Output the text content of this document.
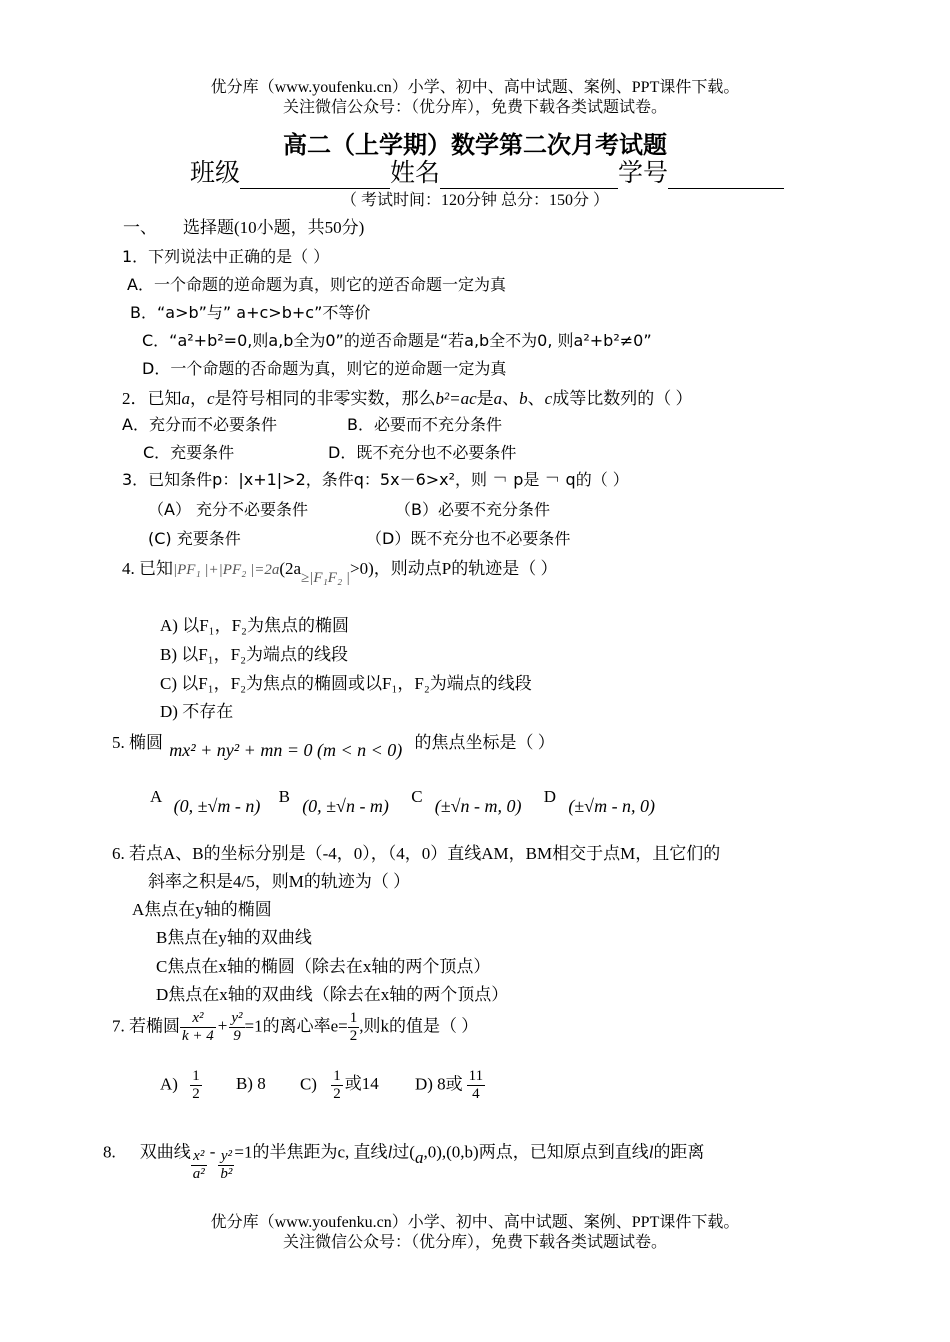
优分库（www.youfenku.cn）小学、初中、高中试题、案例、PPT课件下载。
关注微信公众号：（优分库），免费下载各类试题试卷。
高二（上学期）数学第二次月考试题
班级	姓名	学号
（ 考试时间：120分钟 总分：150分 ）
一、 选择题(10小题，共50分)
1．下列说法中正确的是（ ）
A．一个命题的逆命题为真，则它的逆否命题一定为真
B．“a>b”与” a+c>b+c”不等价
C．“a²+b²=0,则a,b全为0”的逆否命题是“若a,b全不为0, 则a²+b²≠0”
D．一个命题的否命题为真，则它的逆命题一定为真
2．已知a，c是符号相同的非零实数，那么b²=ac是a、b、c成等比数列的（ ）
A．充分而不必要条件	B．必要而不充分条件
C．充要条件	D．既不充分也不必要条件
3．已知条件p：|x+1|>2，条件q：5x－6>x²，则 ￢ p是 ￢ q的（ ）
（A） 充分不必要条件	（B）必要不充分条件
(C) 充要条件	（D）既不充分也不必要条件
4. 已知|PF₁ |+|PF₂ |=2a(2a≥|F₁F₂ |>0)，则动点P的轨迹是（ ）
A) 以F₁，F₂为焦点的椭圆
B) 以F₁，F₂为端点的线段
C) 以F₁，F₂为焦点的椭圆或以F₁，F₂为端点的线段
D) 不存在
5. 椭圆 mx² + ny² + mn = 0 (m < n < 0) 的焦点坐标是（ ）
A (0, ±√m - n) B (0, ±√n - m) C (±√n - m, 0) D (±√m - n, 0)
6. 若点A、B的坐标分别是（-4，0），（4，0）直线AM，BM相交于点M，且它们的
斜率之积是4/5，则M的轨迹为（ ）
A焦点在y轴的椭圆
B焦点在y轴的双曲线
C焦点在x轴的椭圆（除去在x轴的两个顶点）
D焦点在x轴的双曲线（除去在x轴的两个顶点）
7. 若椭圆 $\frac{\text{x²}}{k + 4} + \frac{\text{y²}}{9} =1$的离心率$e= \frac{1}{2}$ ,则k的值是（ ）
$A) \frac{1}{2} B$) 8 $C) \frac{1}{2}$ 或14 D) 8或 $\frac{11}{4}$
8. 双曲线 $\frac{\text{x²}}{\text{a²}} - \frac{\text{y²}}{\text{b²}} =1$的半焦距为c, 直线l过(a,0),(0,b)两点，已知原点到直线l的距离
优分库（www.youfenku.cn）小学、初中、高中试题、案例、PPT课件下载。
关注微信公众号：（优分库），免费下载各类试题试卷。
